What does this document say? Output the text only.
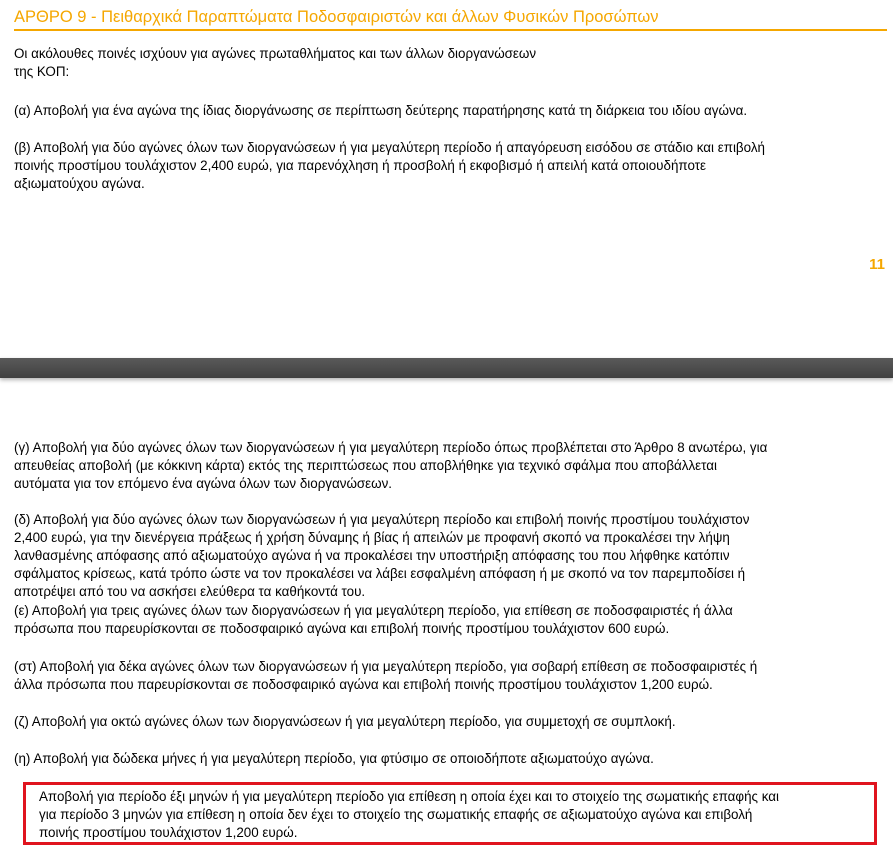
ΑΡΘΡΟ 9 - Πειθαρχικά Παραπτώματα Ποδοσφαιριστών και άλλων Φυσικών Προσώπων
Οι ακόλουθες ποινές ισχύουν για αγώνες πρωταθλήματος και των άλλων διοργανώσεων
της ΚΟΠ:
(α) Αποβολή για ένα αγώνα της ίδιας διοργάνωσης σε περίπτωση δεύτερης παρατήρησης κατά τη διάρκεια του ιδίου αγώνα.
(β) Αποβολή για δύο αγώνες όλων των διοργανώσεων ή για μεγαλύτερη περίοδο ή απαγόρευση εισόδου σε στάδιο και επιβολή
ποινής προστίμου τουλάχιστον 2,400 ευρώ, για παρενόχληση ή προσβολή ή εκφοβισμό ή απειλή κατά οποιουδήποτε
αξιωματούχου αγώνα.
11
(γ) Αποβολή για δύο αγώνες όλων των διοργανώσεων ή για μεγαλύτερη περίοδο όπως προβλέπεται στο Άρθρο 8 ανωτέρω, για
απευθείας αποβολή (με κόκκινη κάρτα) εκτός της περιπτώσεως που αποβλήθηκε για τεχνικό σφάλμα που αποβάλλεται
αυτόματα για τον επόμενο ένα αγώνα όλων των διοργανώσεων.
(δ) Αποβολή για δύο αγώνες όλων των διοργανώσεων ή για μεγαλύτερη περίοδο και επιβολή ποινής προστίμου τουλάχιστον
2,400 ευρώ, για την διενέργεια πράξεως ή χρήση δύναμης ή βίας ή απειλών με προφανή σκοπό να προκαλέσει την λήψη
λανθασμένης απόφασης από αξιωματούχο αγώνα ή να προκαλέσει την υποστήριξη απόφασης του που λήφθηκε κατόπιν
σφάλματος κρίσεως, κατά τρόπο ώστε να τον προκαλέσει να λάβει εσφαλμένη απόφαση ή με σκοπό να τον παρεμποδίσει ή
αποτρέψει από του να ασκήσει ελεύθερα τα καθήκοντά του.
(ε) Αποβολή για τρεις αγώνες όλων των διοργανώσεων ή για μεγαλύτερη περίοδο, για επίθεση σε ποδοσφαιριστές ή άλλα
πρόσωπα που παρευρίσκονται σε ποδοσφαιρικό αγώνα και επιβολή ποινής προστίμου τουλάχιστον 600 ευρώ.
(στ) Αποβολή για δέκα αγώνες όλων των διοργανώσεων ή για μεγαλύτερη περίοδο, για σοβαρή επίθεση σε ποδοσφαιριστές ή
άλλα πρόσωπα που παρευρίσκονται σε ποδοσφαιρικό αγώνα και επιβολή ποινής προστίμου τουλάχιστον 1,200 ευρώ.
(ζ) Αποβολή για οκτώ αγώνες όλων των διοργανώσεων ή για μεγαλύτερη περίοδο, για συμμετοχή σε συμπλοκή.
(η) Αποβολή για δώδεκα μήνες ή για μεγαλύτερη περίοδο, για φτύσιμο σε οποιοδήποτε αξιωματούχο αγώνα.
Αποβολή για περίοδο έξι μηνών ή για μεγαλύτερη περίοδο για επίθεση η οποία έχει και το στοιχείο της σωματικής επαφής και
για περίοδο 3 μηνών για επίθεση η οποία δεν έχει το στοιχείο της σωματικής επαφής σε αξιωματούχο αγώνα και επιβολή
ποινής προστίμου τουλάχιστον 1,200 ευρώ.
